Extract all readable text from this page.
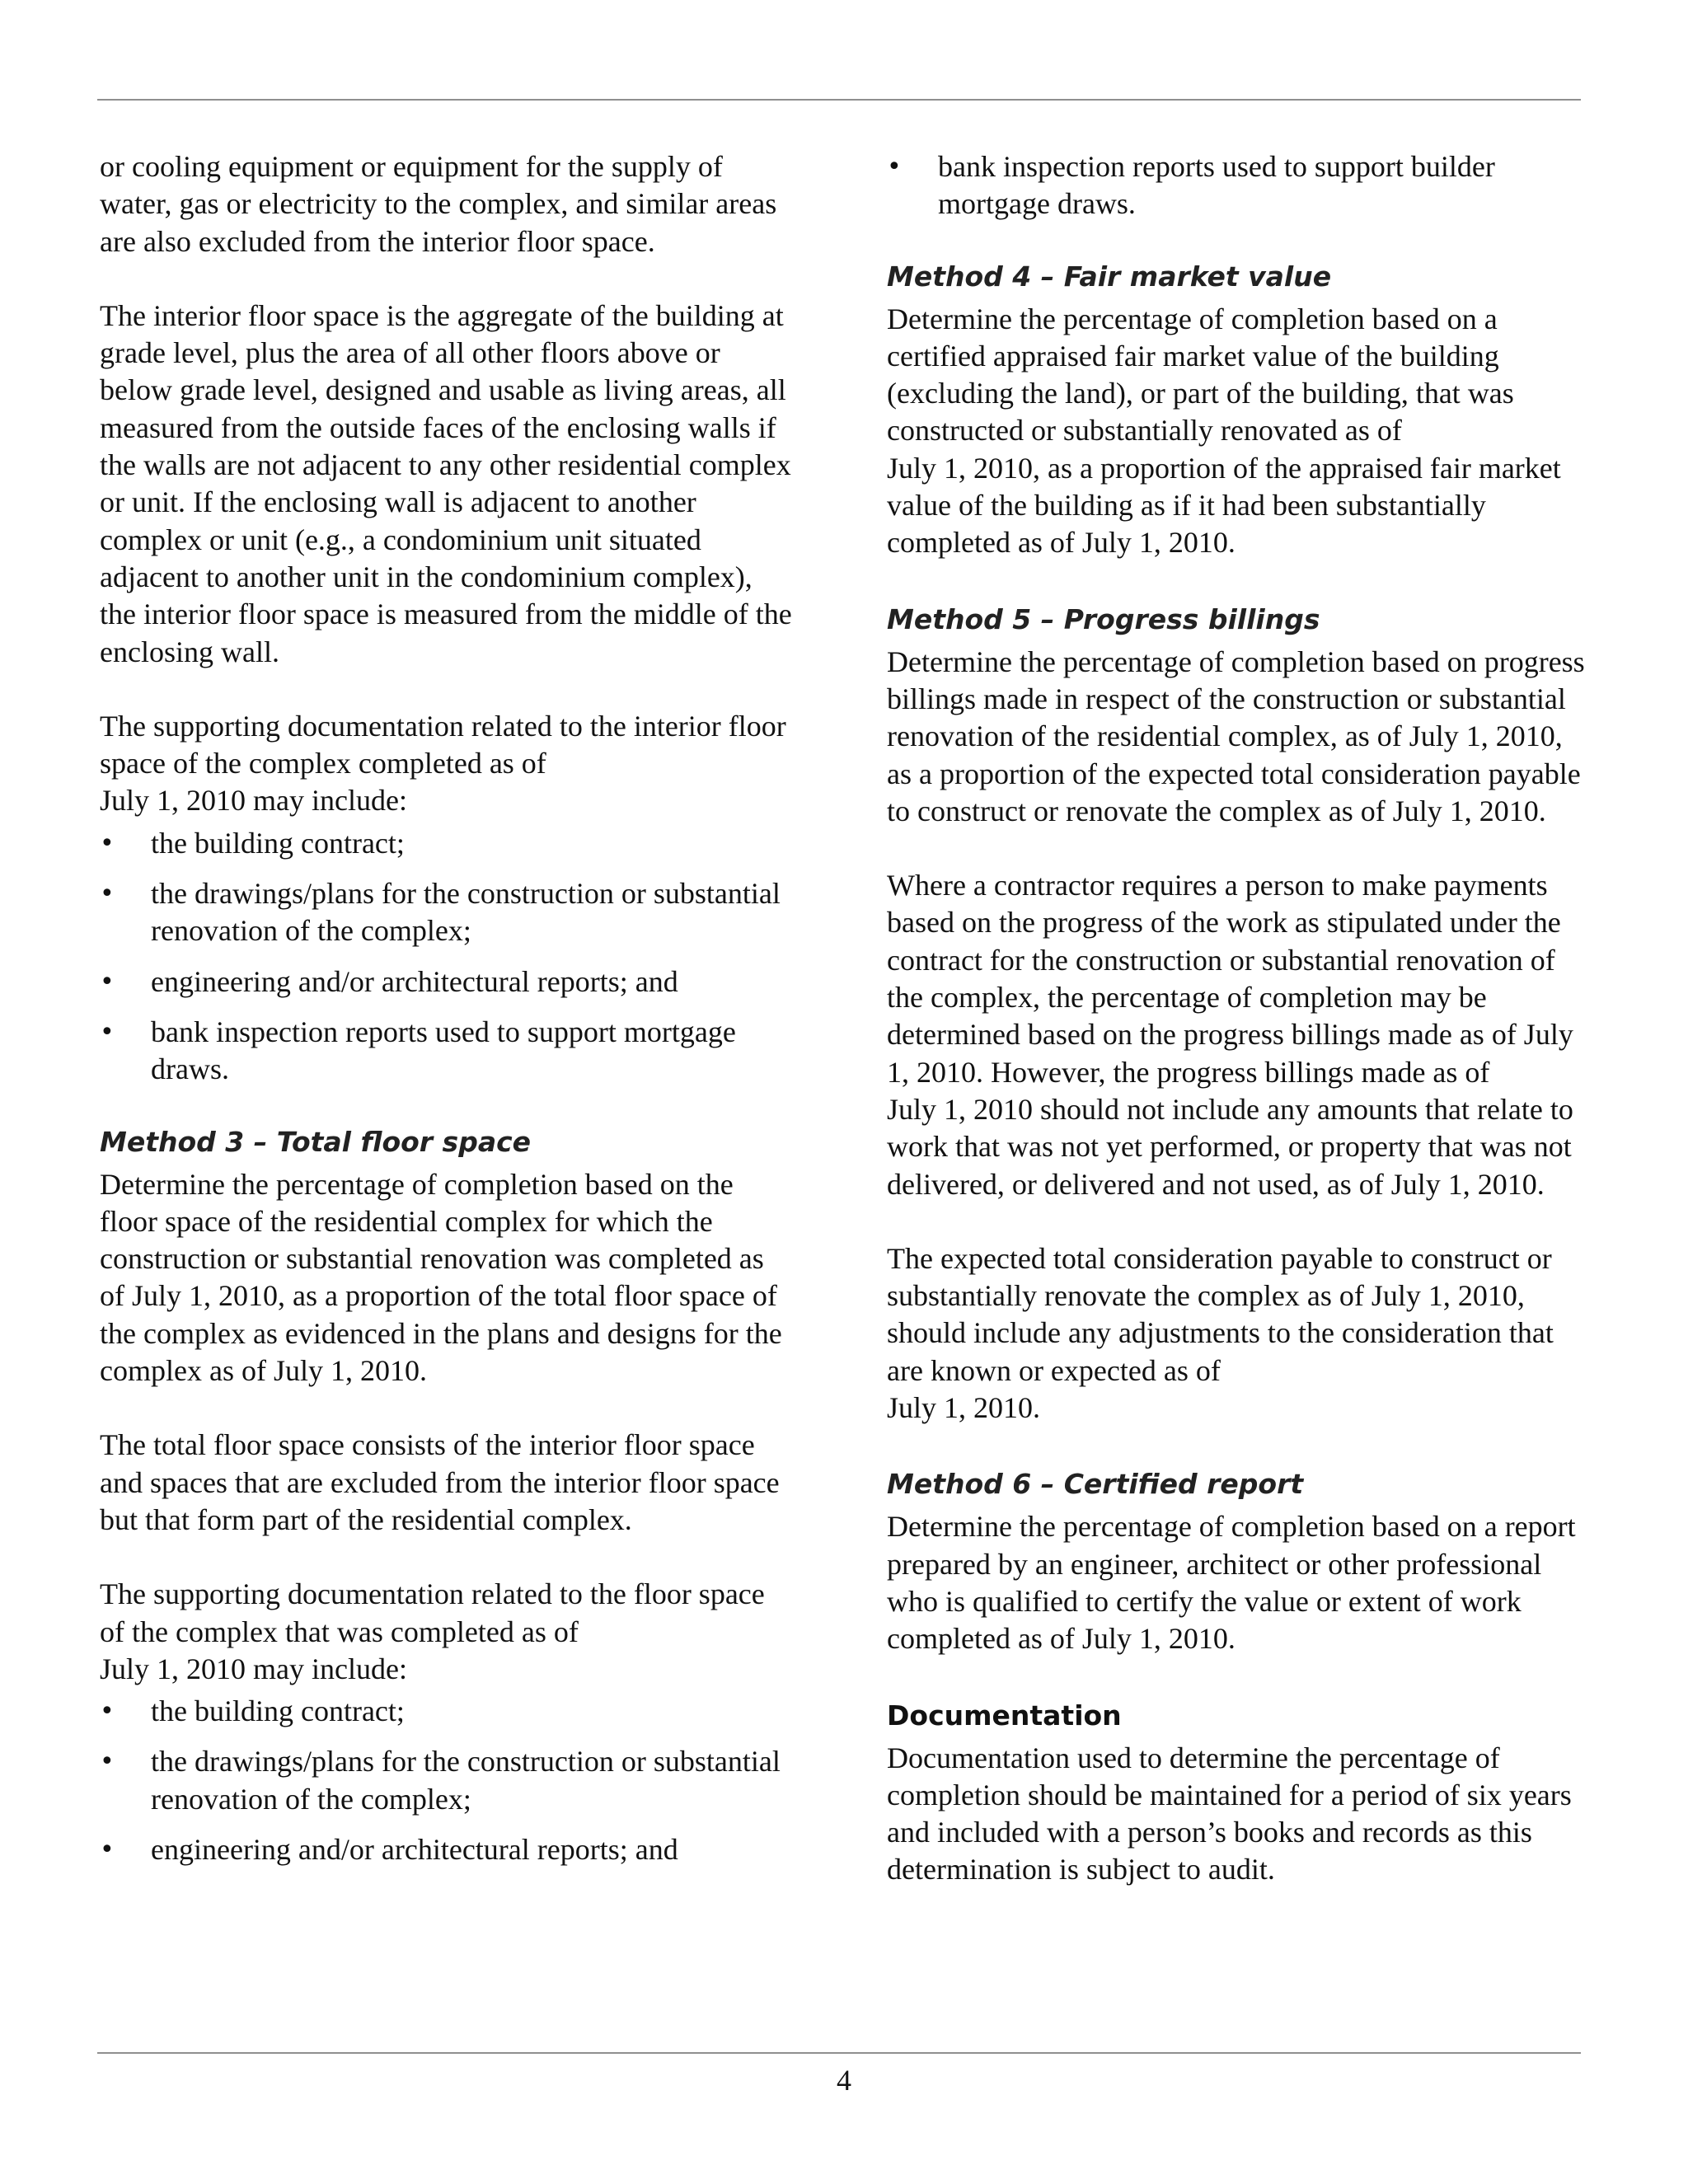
or cooling equipment or equipment for the supply of water, gas or electricity to the complex, and similar areas are also excluded from the interior floor space.

The interior floor space is the aggregate of the building at grade level, plus the area of all other floors above or below grade level, designed and usable as living areas, all measured from the outside faces of the enclosing walls if the walls are not adjacent to any other residential complex or unit. If the enclosing wall is adjacent to another complex or unit (e.g., a condominium unit situated adjacent to another unit in the condominium complex), the interior floor space is measured from the middle of the enclosing wall.

The supporting documentation related to the interior floor space of the complex completed as of
July 1, 2010 may include:

• the building contract;
• the drawings/plans for the construction or substantial renovation of the complex;
• engineering and/or architectural reports; and
• bank inspection reports used to support mortgage draws.
Method 3 – Total floor space

Determine the percentage of completion based on the floor space of the residential complex for which the construction or substantial renovation was completed as of July 1, 2010, as a proportion of the total floor space of the complex as evidenced in the plans and designs for the complex as of July 1, 2010.

The total floor space consists of the interior floor space and spaces that are excluded from the interior floor space but that form part of the residential complex.

The supporting documentation related to the floor space of the complex that was completed as of
July 1, 2010 may include:

• the building contract;
• the drawings/plans for the construction or substantial renovation of the complex;
• engineering and/or architectural reports; and
• bank inspection reports used to support builder mortgage draws.
Method 4 – Fair market value

Determine the percentage of completion based on a certified appraised fair market value of the building (excluding the land), or part of the building, that was constructed or substantially renovated as of
July 1, 2010, as a proportion of the appraised fair market value of the building as if it had been substantially completed as of July 1, 2010.

Method 5 – Progress billings

Determine the percentage of completion based on progress billings made in respect of the construction or substantial renovation of the residential complex, as of July 1, 2010, as a proportion of the expected total consideration payable to construct or renovate the complex as of July 1, 2010.

Where a contractor requires a person to make payments based on the progress of the work as stipulated under the contract for the construction or substantial renovation of the complex, the percentage of completion may be determined based on the progress billings made as of July 1, 2010. However, the progress billings made as of
July 1, 2010 should not include any amounts that relate to work that was not yet performed, or property that was not delivered, or delivered and not used, as of July 1, 2010.

The expected total consideration payable to construct or substantially renovate the complex as of July 1, 2010, should include any adjustments to the consideration that are known or expected as of
July 1, 2010.

Method 6 – Certified report

Determine the percentage of completion based on a report prepared by an engineer, architect or other professional who is qualified to certify the value or extent of work completed as of July 1, 2010.

Documentation

Documentation used to determine the percentage of completion should be maintained for a period of six years and included with a person’s books and records as this determination is subject to audit.

4
